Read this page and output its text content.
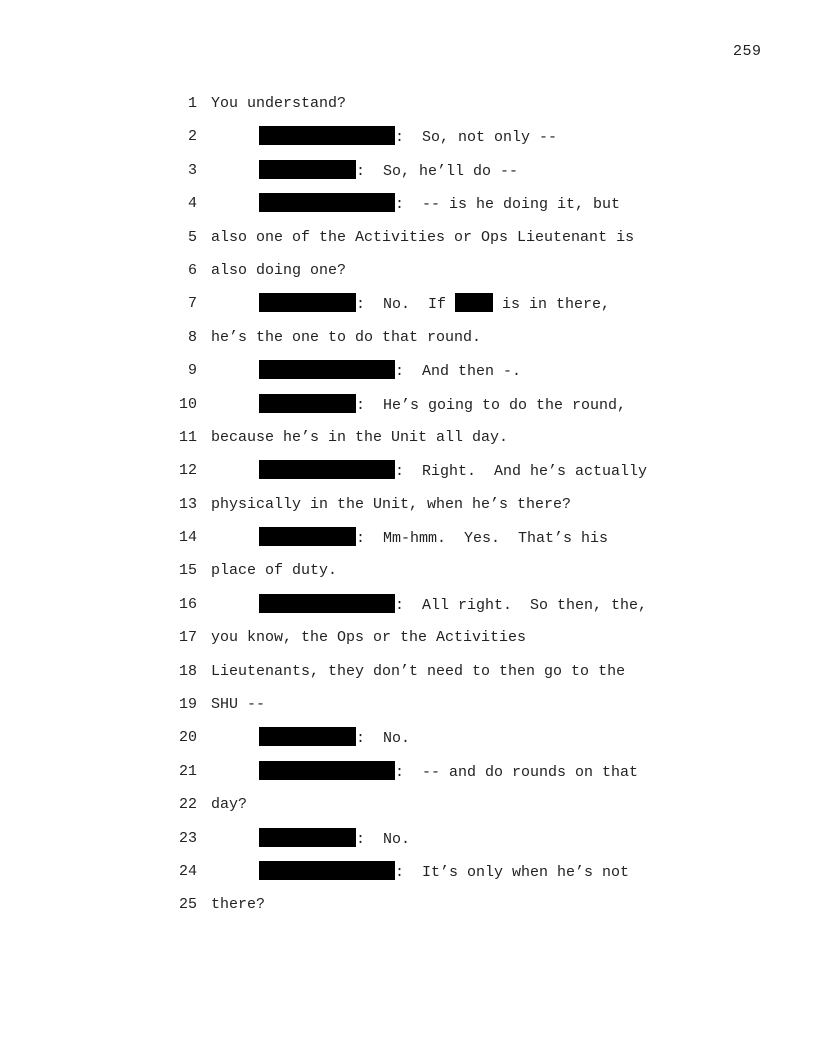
259

1

You understand?

2

	:  So, not only --

3

	:  So, he’ll do --

4

	:  -- is he doing it, but

5

also one of the Activities or Ops Lieutenant is

6

also doing one?

7

	:  No.  If	is in there,

8

he’s the one to do that round.

9

	:  And then -.

10

	:  He’s going to do the round,

11

because he’s in the Unit all day.

12

	:  Right.  And he’s actually

13

physically in the Unit, when he’s there?

14

	:  Mm-hmm.  Yes.  That’s his

15

place of duty.

16

	:  All right.  So then, the,

17

you know, the Ops or the Activities

18

Lieutenants, they don’t need to then go to the

19

SHU --

20

	:  No.

21

	:  -- and do rounds on that

22

day?

23

	:  No.

24

	:  It’s only when he’s not

25

there?
